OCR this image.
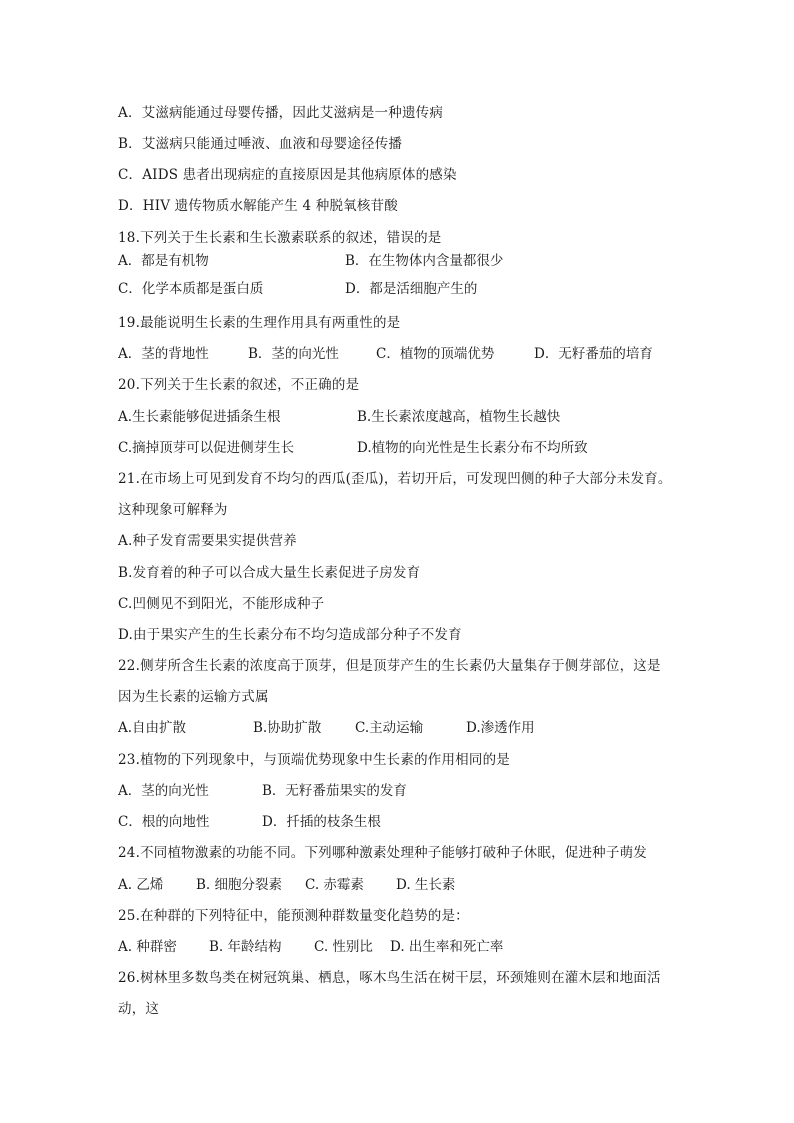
A．艾滋病能通过母婴传播，因此艾滋病是一种遗传病
B．艾滋病只能通过唾液、血液和母婴途径传播
C．AIDS 患者出现病症的直接原因是其他病原体的感染
D．HIV 遗传物质水解能产生 4 种脱氧核苷酸
18.下列关于生长素和生长激素联系的叙述，错误的是
A．都是有机物	B．在生物体内含量都很少
C．化学本质都是蛋白质	D．都是活细胞产生的
19.最能说明生长素的生理作用具有两重性的是
A．茎的背地性	B．茎的向光性	C．植物的顶端优势	D．无籽番茄的培育
20.下列关于生长素的叙述，不正确的是
A.生长素能够促进插条生根	B.生长素浓度越高，植物生长越快
C.摘掉顶芽可以促进侧芽生长	D.植物的向光性是生长素分布不均所致
21.在市场上可见到发育不均匀的西瓜(歪瓜)，若切开后，可发现凹侧的种子大部分未发育。
这种现象可解释为
A.种子发育需要果实提供营养
B.发育着的种子可以合成大量生长素促进子房发育
C.凹侧见不到阳光，不能形成种子
D.由于果实产生的生长素分布不均匀造成部分种子不发育
22.侧芽所含生长素的浓度高于顶芽，但是顶芽产生的生长素仍大量集存于侧芽部位，这是
因为生长素的运输方式属
A.自由扩散	B.协助扩散	C.主动运输	D.渗透作用
23.植物的下列现象中，与顶端优势现象中生长素的作用相同的是
A．茎的向光性	B．无籽番茄果实的发育
C．根的向地性	D．扦插的枝条生根
24.不同植物激素的功能不同。下列哪种激素处理种子能够打破种子休眠，促进种子萌发
A. 乙烯 B. 细胞分裂素 C. 赤霉素 D. 生长素
25.在种群的下列特征中，能预测种群数量变化趋势的是：
A. 种群密 B. 年龄结构 C. 性别比 D. 出生率和死亡率
26.树林里多数鸟类在树冠筑巢、栖息，啄木鸟生活在树干层，环颈雉则在灌木层和地面活
动，这
